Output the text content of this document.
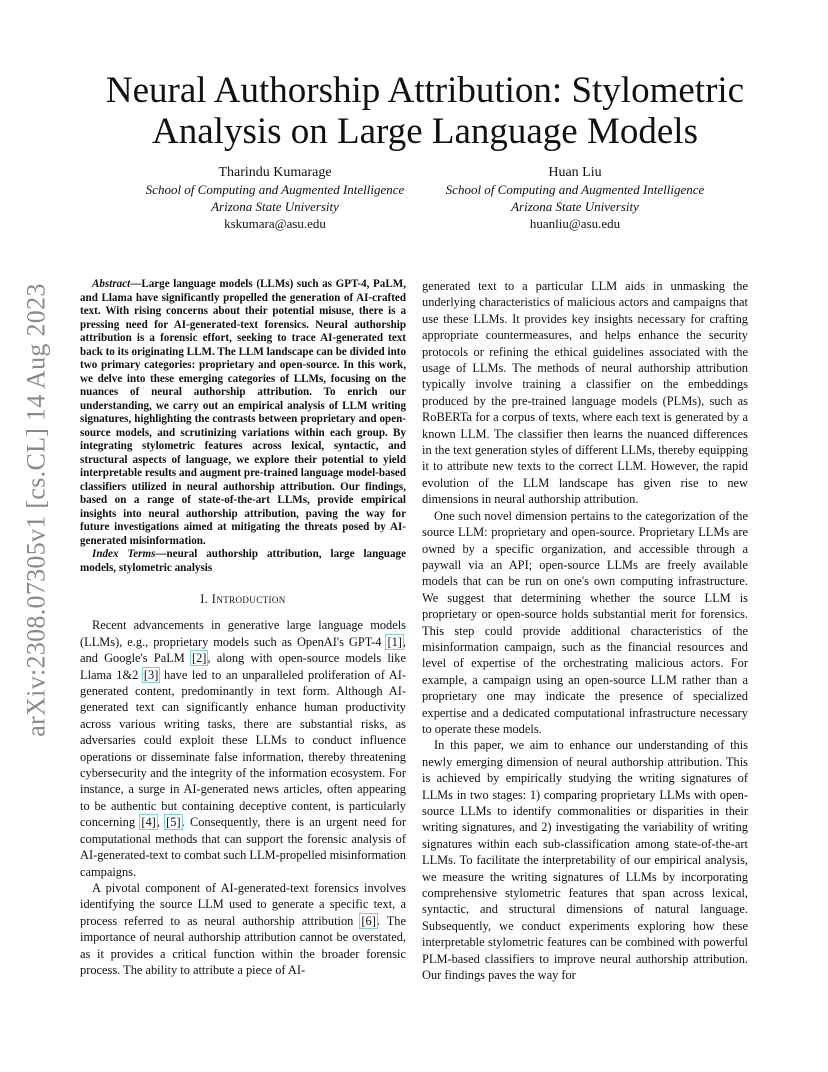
arXiv:2308.07305v1 [cs.CL] 14 Aug 2023
Neural Authorship Attribution: Stylometric Analysis on Large Language Models
Tharindu Kumarage
School of Computing and Augmented Intelligence
Arizona State University
kskumara@asu.edu
Huan Liu
School of Computing and Augmented Intelligence
Arizona State University
huanliu@asu.edu

Abstract—Large language models (LLMs) such as GPT-4, PaLM, and Llama have significantly propelled the generation of AI-crafted text. With rising concerns about their potential misuse, there is a pressing need for AI-generated-text forensics. Neural authorship attribution is a forensic effort, seeking to trace AI-generated text back to its originating LLM. The LLM landscape can be divided into two primary categories: proprietary and open-source. In this work, we delve into these emerging categories of LLMs, focusing on the nuances of neural authorship attribution. To enrich our understanding, we carry out an empirical analysis of LLM writing signatures, highlighting the contrasts between proprietary and open-source models, and scrutinizing variations within each group. By integrating stylometric features across lexical, syntactic, and structural aspects of language, we explore their potential to yield interpretable results and augment pre-trained language model-based classifiers utilized in neural authorship attribution. Our findings, based on a range of state-of-the-art LLMs, provide empirical insights into neural authorship attribution, paving the way for future investigations aimed at mitigating the threats posed by AI-generated misinformation.

Index Terms—neural authorship attribution, large language models, stylometric analysis

I. Introduction

Recent advancements in generative large language models (LLMs), e.g., proprietary models such as OpenAI's GPT-4 [1], and Google's PaLM [2], along with open-source models like Llama 1&2 [3] have led to an unparalleled proliferation of AI-generated content, predominantly in text form. Although AI-generated text can significantly enhance human productivity across various writing tasks, there are substantial risks, as adversaries could exploit these LLMs to conduct influence operations or disseminate false information, thereby threatening cybersecurity and the integrity of the information ecosystem. For instance, a surge in AI-generated news articles, often appearing to be authentic but containing deceptive content, is particularly concerning [4], [5]. Consequently, there is an urgent need for computational methods that can support the forensic analysis of AI-generated-text to combat such LLM-propelled misinformation campaigns.

A pivotal component of AI-generated-text forensics involves identifying the source LLM used to generate a specific text, a process referred to as neural authorship attribution [6]. The importance of neural authorship attribution cannot be overstated, as it provides a critical function within the broader forensic process. The ability to attribute a piece of AI-

generated text to a particular LLM aids in unmasking the underlying characteristics of malicious actors and campaigns that use these LLMs. It provides key insights necessary for crafting appropriate countermeasures, and helps enhance the security protocols or refining the ethical guidelines associated with the usage of LLMs. The methods of neural authorship attribution typically involve training a classifier on the embeddings produced by the pre-trained language models (PLMs), such as RoBERTa for a corpus of texts, where each text is generated by a known LLM. The classifier then learns the nuanced differences in the text generation styles of different LLMs, thereby equipping it to attribute new texts to the correct LLM. However, the rapid evolution of the LLM landscape has given rise to new dimensions in neural authorship attribution.

One such novel dimension pertains to the categorization of the source LLM: proprietary and open-source. Proprietary LLMs are owned by a specific organization, and accessible through a paywall via an API; open-source LLMs are freely available models that can be run on one's own computing infrastructure. We suggest that determining whether the source LLM is proprietary or open-source holds substantial merit for forensics. This step could provide additional characteristics of the misinformation campaign, such as the financial resources and level of expertise of the orchestrating malicious actors. For example, a campaign using an open-source LLM rather than a proprietary one may indicate the presence of specialized expertise and a dedicated computational infrastructure necessary to operate these models.

In this paper, we aim to enhance our understanding of this newly emerging dimension of neural authorship attribution. This is achieved by empirically studying the writing signatures of LLMs in two stages: 1) comparing proprietary LLMs with open-source LLMs to identify commonalities or disparities in their writing signatures, and 2) investigating the variability of writing signatures within each sub-classification among state-of-the-art LLMs. To facilitate the interpretability of our empirical analysis, we measure the writing signatures of LLMs by incorporating comprehensive stylometric features that span across lexical, syntactic, and structural dimensions of natural language. Subsequently, we conduct experiments exploring how these interpretable stylometric features can be combined with powerful PLM-based classifiers to improve neural authorship attribution. Our findings paves the way for
